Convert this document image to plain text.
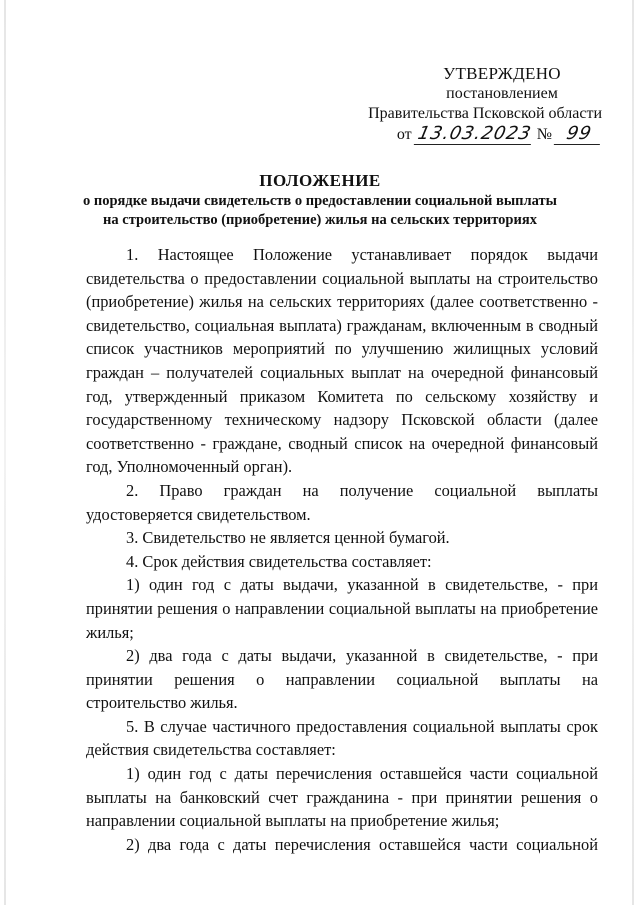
УТВЕРЖДЕНО
постановлением
Правительства Псковской области
от 13.03.2023 № 99
ПОЛОЖЕНИЕ
о порядке выдачи свидетельств о предоставлении социальной выплаты
на строительство (приобретение) жилья на сельских территориях

1.    Настоящее    Положение    устанавливает    порядок    выдачи свидетельства о предоставлении социальной выплаты на строительство (приобретение) жилья на сельских территориях (далее соответственно - свидетельство, социальная выплата) гражданам, включенным в сводный список участников мероприятий по улучшению жилищных условий граждан – получателей социальных выплат на очередной финансовый год, утвержденный приказом Комитета по сельскому хозяйству и государственному техническому надзору Псковской области (далее соответственно - граждане, сводный список на очередной финансовый год, Уполномоченный орган).

2. Право граждан на получение социальной выплаты удостоверяется свидетельством.

3. Свидетельство не является ценной бумагой.

4. Срок действия свидетельства составляет:

1) один год с даты выдачи, указанной в свидетельстве, - при принятии решения о направлении социальной выплаты на приобретение жилья;

2) два года с даты выдачи, указанной в свидетельстве, - при принятии решения о направлении социальной выплаты на строительство жилья.

5. В случае частичного предоставления социальной выплаты срок действия свидетельства составляет:

1) один год с даты перечисления оставшейся части социальной выплаты на банковский счет гражданина - при принятии решения о направлении социальной выплаты на приобретение жилья;

2) два года с даты перечисления оставшейся части социальной
